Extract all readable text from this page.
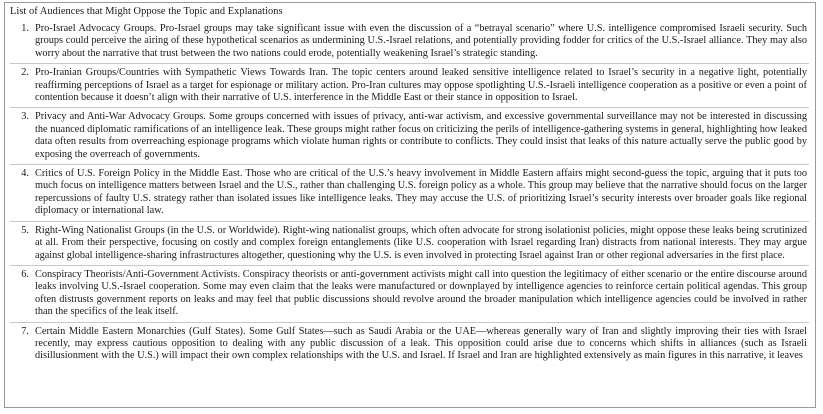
List of Audiences that Might Oppose the Topic and Explanations
1. Pro-Israel Advocacy Groups. Pro-Israel groups may take significant issue with even the discussion of a “betrayal scenario” where U.S. intelligence compromised Israeli security. Such groups could perceive the airing of these hypothetical scenarios as undermining U.S.-Israel relations, and potentially providing fodder for critics of the U.S.-Israel alliance. They may also worry about the narrative that trust between the two nations could erode, potentially weakening Israel’s strategic standing.
2. Pro-Iranian Groups/Countries with Sympathetic Views Towards Iran. The topic centers around leaked sensitive intelligence related to Israel’s security in a negative light, potentially reaffirming perceptions of Israel as a target for espionage or military action. Pro-Iran cultures may oppose spotlighting U.S.-Israeli intelligence cooperation as a positive or even a point of contention because it doesn’t align with their narrative of U.S. interference in the Middle East or their stance in opposition to Israel.
3. Privacy and Anti-War Advocacy Groups. Some groups concerned with issues of privacy, anti-war activism, and excessive governmental surveillance may not be interested in discussing the nuanced diplomatic ramifications of an intelligence leak. These groups might rather focus on criticizing the perils of intelligence-gathering systems in general, highlighting how leaked data often results from overreaching espionage programs which violate human rights or contribute to conflicts. They could insist that leaks of this nature actually serve the public good by exposing the overreach of governments.
4. Critics of U.S. Foreign Policy in the Middle East. Those who are critical of the U.S.’s heavy involvement in Middle Eastern affairs might second-guess the topic, arguing that it puts too much focus on intelligence matters between Israel and the U.S., rather than challenging U.S. foreign policy as a whole. This group may believe that the narrative should focus on the larger repercussions of faulty U.S. strategy rather than isolated issues like intelligence leaks. They may accuse the U.S. of prioritizing Israel’s security interests over broader goals like regional diplomacy or international law.
5. Right-Wing Nationalist Groups (in the U.S. or Worldwide). Right-wing nationalist groups, which often advocate for strong isolationist policies, might oppose these leaks being scrutinized at all. From their perspective, focusing on costly and complex foreign entanglements (like U.S. cooperation with Israel regarding Iran) distracts from national interests. They may argue against global intelligence-sharing infrastructures altogether, questioning why the U.S. is even involved in protecting Israel against Iran or other regional adversaries in the first place.
6. Conspiracy Theorists/Anti-Government Activists. Conspiracy theorists or anti-government activists might call into question the legitimacy of either scenario or the entire discourse around leaks involving U.S.-Israel cooperation. Some may even claim that the leaks were manufactured or downplayed by intelligence agencies to reinforce certain political agendas. This group often distrusts government reports on leaks and may feel that public discussions should revolve around the broader manipulation which intelligence agencies could be involved in rather than the specifics of the leak itself.
7. Certain Middle Eastern Monarchies (Gulf States). Some Gulf States—such as Saudi Arabia or the UAE—whereas generally wary of Iran and slightly improving their ties with Israel recently, may express cautious opposition to dealing with any public discussion of a leak. This opposition could arise due to concerns which shifts in alliances (such as Israeli disillusionment with the U.S.) will impact their own complex relationships with the U.S. and Israel. If Israel and Iran are highlighted extensively as main figures in this narrative, it leaves
